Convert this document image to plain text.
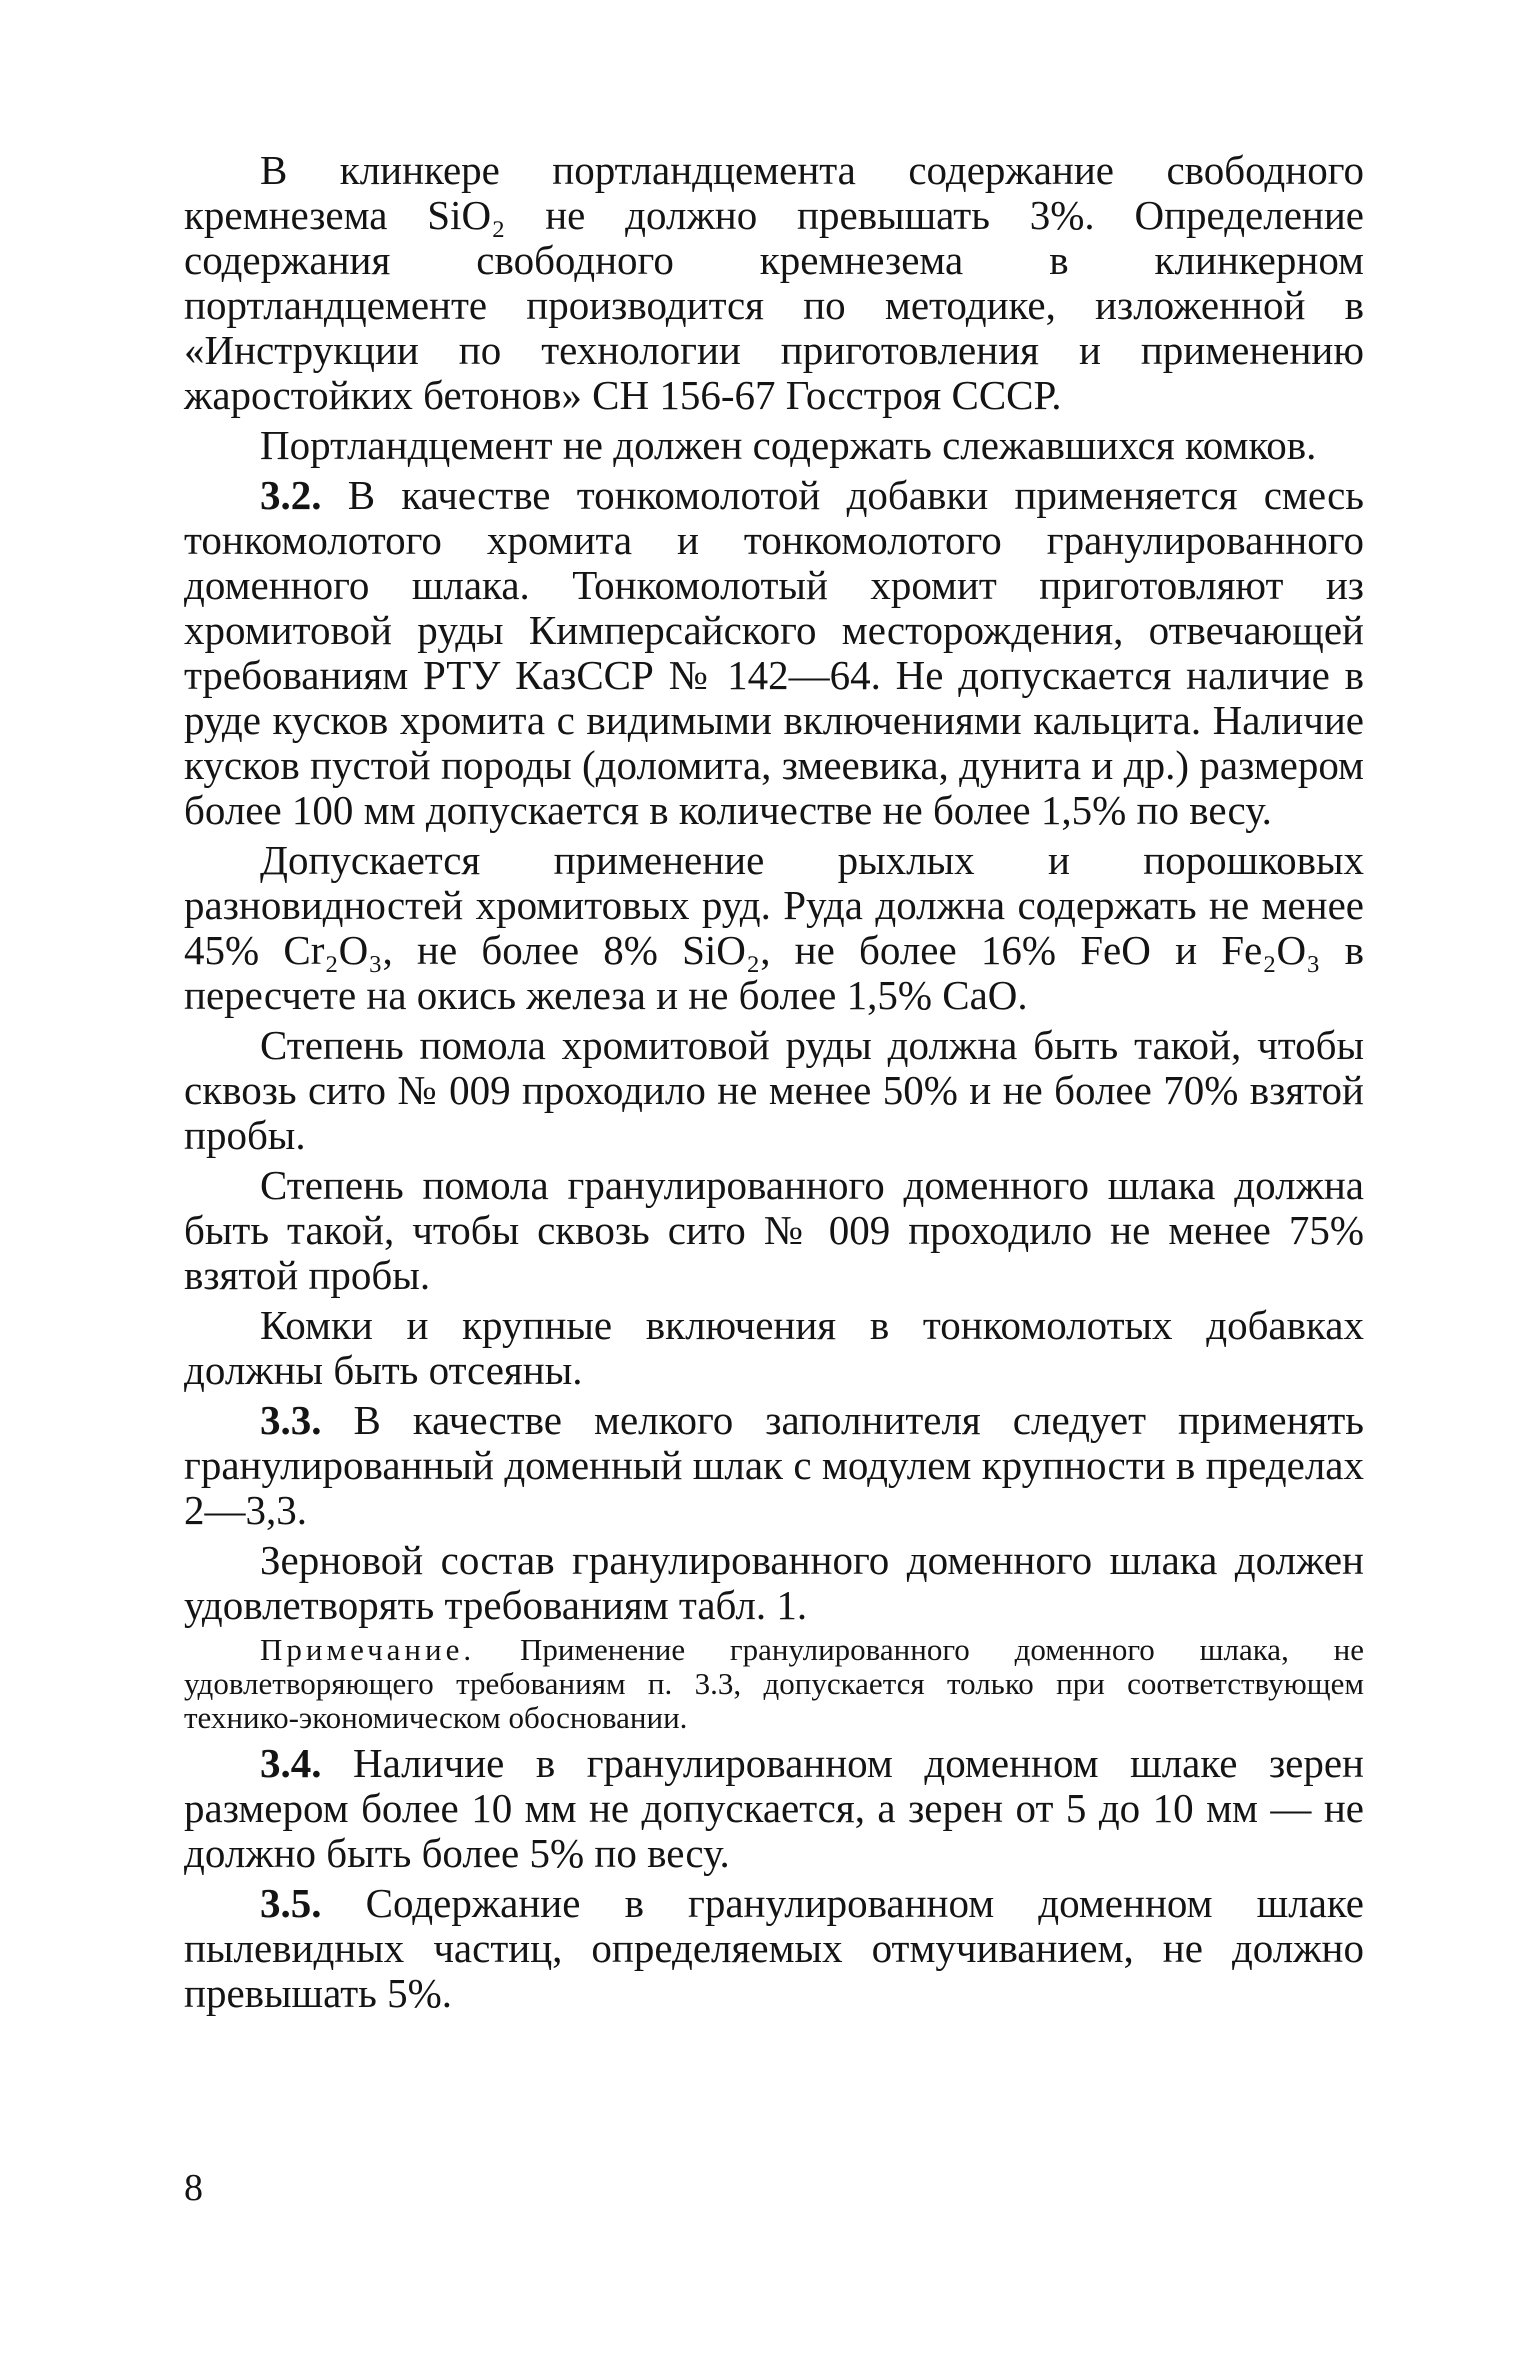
В клинкере портландцемента содержание свободного кремнезема SiO₂ не должно превышать 3%. Определение содержания свободного кремнезема в клинкерном портландцементе производится по методике, изложенной в «Инструкции по технологии приготовления и применению жаростойких бетонов» СН 156-67 Госстроя СССР.

Портландцемент не должен содержать слежавшихся комков.

3.2. В качестве тонкомолотой добавки применяется смесь тонкомолотого хромита и тонкомолотого гранулированного доменного шлака. Тонкомолотый хромит приготовляют из хромитовой руды Кимперсайского месторождения, отвечающей требованиям РТУ КазССР № 142—64. Не допускается наличие в руде кусков хромита с видимыми включениями кальцита. Наличие кусков пустой породы (доломита, змеевика, дунита и др.) размером более 100 мм допускается в количестве не более 1,5% по весу.

Допускается применение рыхлых и порошковых разновидностей хромитовых руд. Руда должна содержать не менее 45% Cr₂O₃, не более 8% SiO₂, не более 16% FeO и Fe₂O₃ в пересчете на окись железа и не более 1,5% CaO.

Степень помола хромитовой руды должна быть такой, чтобы сквозь сито № 009 проходило не менее 50% и не более 70% взятой пробы.

Степень помола гранулированного доменного шлака должна быть такой, чтобы сквозь сито № 009 проходило не менее 75% взятой пробы.

Комки и крупные включения в тонкомолотых добавках должны быть отсеяны.

3.3. В качестве мелкого заполнителя следует применять гранулированный доменный шлак с модулем крупности в пределах 2—3,3.

Зерновой состав гранулированного доменного шлака должен удовлетворять требованиям табл. 1.

Примечание. Применение гранулированного доменного шлака, не удовлетворяющего требованиям п. 3.3, допускается только при соответствующем технико-экономическом обосновании.

3.4. Наличие в гранулированном доменном шлаке зерен размером более 10 мм не допускается, а зерен от 5 до 10 мм — не должно быть более 5% по весу.

3.5. Содержание в гранулированном доменном шлаке пылевидных частиц, определяемых отмучиванием, не должно превышать 5%.

8
